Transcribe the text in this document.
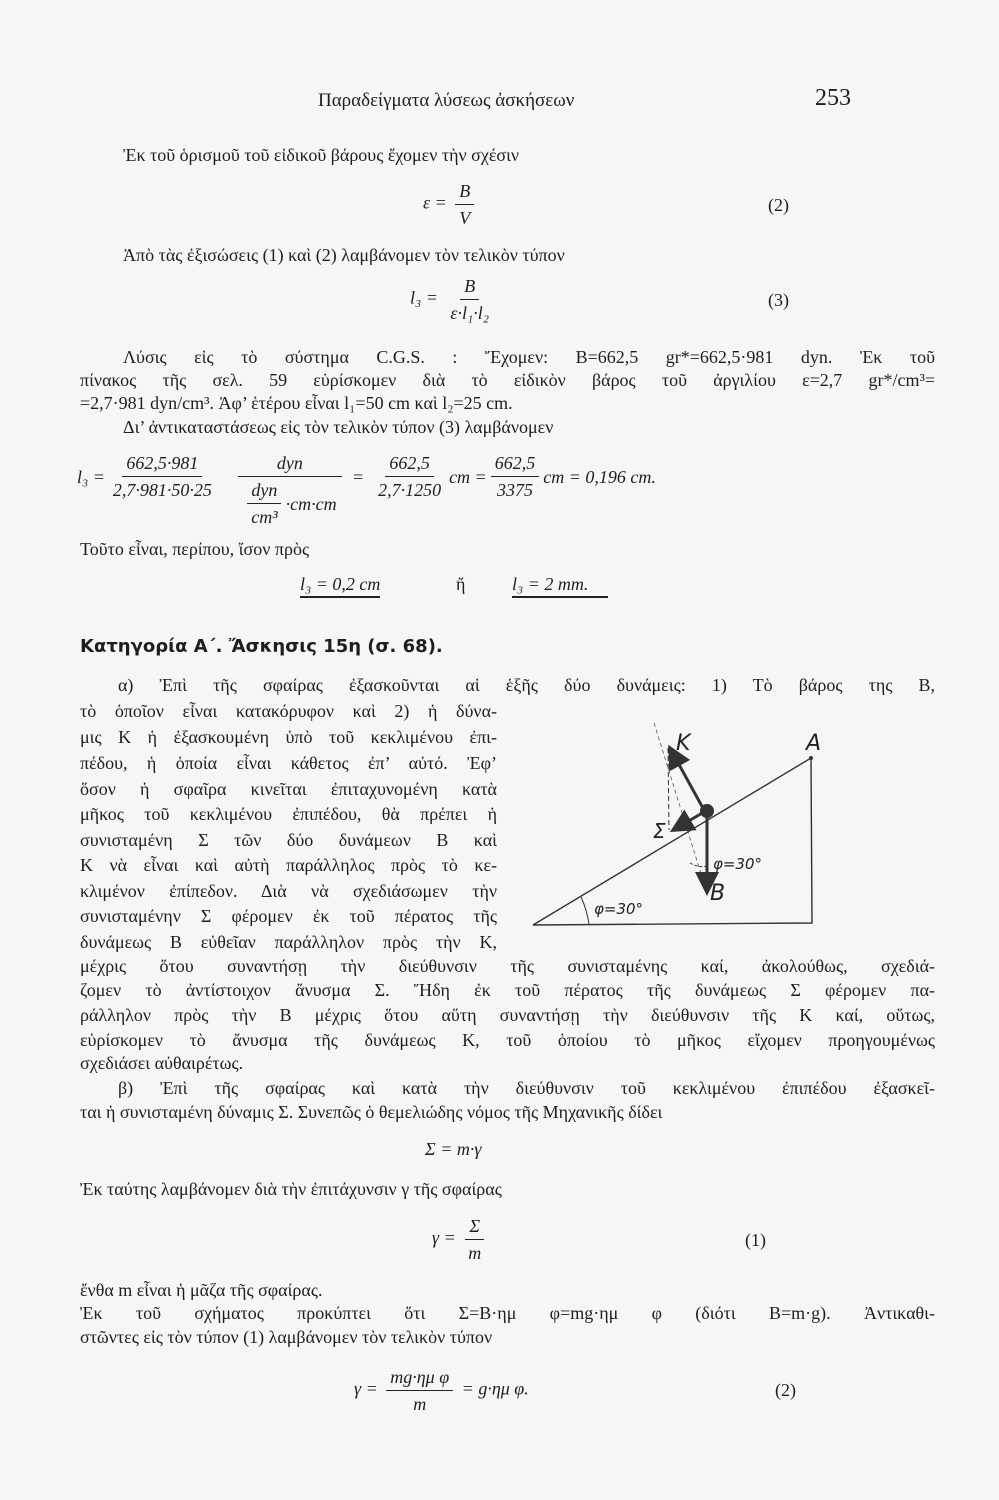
Παραδείγματα λύσεως ἀσκήσεων	253
Ἐκ τοῦ ὁρισμοῦ τοῦ εἰδικοῦ βάρους ἔχομεν τὴν σχέσιν
$\varepsilon = \frac{B}{V}$	(2)
Ἀπὸ τὰς ἐξισώσεις (1) καὶ (2) λαμβάνομεν τὸν τελικὸν τύπον
$l_3 = \frac{B}{\text{ε·l₁·l₂}}$	(3)
Λύσις εἰς τὸ σύστημα C.G.S. : Ἔχομεν: B=662,5 gr*=662,5·981 dyn. Ἐκ τοῦ
πίνακος τῆς σελ. 59 εὑρίσκομεν διὰ τὸ εἰδικὸν βάρος τοῦ ἀργιλίου ε=2,7 gr*/cm³=
=2,7·981 dyn/cm³. Ἀφ’ ἑτέρου εἶναι l₁=50 cm καὶ l₂=25 cm.
Δι’ ἀντικαταστάσεως εἰς τὸν τελικὸν τύπον (3) λαμβάνομεν
$l_3 = \frac{662,5\cdot 981}{2,7\cdot 981\cdot 50\cdot 25} \frac{\text{dyn}}{\frac{\text{dyn}}{\text{cm³}} \cdot cm\cdot cm} = \frac{662,5}{2,7\cdot 1250}$ cm = $\frac{662,5}{3375}$ cm = 0,196 cm.
Τοῦτο εἶναι, περίπου, ἴσον πρὸς
l₃ = 0,2 cm	ἤ	l₃ = 2 mm.
Κατηγορία Α΄. Ἄσκησις 15η (σ. 68).
α) Ἐπὶ τῆς σφαίρας ἐξασκοῦνται αἱ ἑξῆς δύο δυνάμεις: 1) Τὸ βάρος της B,
τὸ ὁποῖον εἶναι κατακόρυφον καὶ 2) ἡ δύνα-
μις K ἡ ἐξασκουμένη ὑπὸ τοῦ κεκλιμένου ἐπι-
πέδου, ἡ ὁποία εἶναι κάθετος ἐπ’ αὐτό. Ἐφ’
ὅσον ἡ σφαῖρα κινεῖται ἐπιταχυνομένη κατὰ
μῆκος τοῦ κεκλιμένου ἐπιπέδου, θὰ πρέπει ἡ
συνισταμένη Σ τῶν δύο δυνάμεων B καὶ
K νὰ εἶναι καὶ αὐτὴ παράλληλος πρὸς τὸ κε-
κλιμένον ἐπίπεδον. Διὰ νὰ σχεδιάσωμεν τὴν
συνισταμένην Σ φέρομεν ἐκ τοῦ πέρατος τῆς
δυνάμεως B εὐθεῖαν παράλληλον πρὸς τὴν K,
μέχρις ὅτου συναντήσῃ τὴν διεύθυνσιν τῆς συνισταμένης καί, ἀκολούθως, σχεδιά-
ζομεν τὸ ἀντίστοιχον ἄνυσμα Σ. Ἤδη ἐκ τοῦ πέρατος τῆς δυνάμεως Σ φέρομεν πα-
ράλληλον πρὸς τὴν B μέχρις ὅτου αὕτη συναντήσῃ τὴν διεύθυνσιν τῆς K καί, οὕτως,
εὑρίσκομεν τὸ ἄνυσμα τῆς δυνάμεως K, τοῦ ὁποίου τὸ μῆκος εἴχομεν προηγουμένως
σχεδιάσει αὐθαιρέτως.
β) Ἐπὶ τῆς σφαίρας καὶ κατὰ τὴν διεύθυνσιν τοῦ κεκλιμένου ἐπιπέδου ἐξασκεῖ-
ται ἡ συνισταμένη δύναμις Σ. Συνεπῶς ὁ θεμελιώδης νόμος τῆς Μηχανικῆς δίδει
Σ = m·γ
Ἐκ ταύτης λαμβάνομεν διὰ τὴν ἐπιτάχυνσιν γ τῆς σφαίρας
$\gamma = \frac{\Sigma}{m}$	(1)
ἔνθα m εἶναι ἡ μᾶζα τῆς σφαίρας.
Ἐκ τοῦ σχήματος προκύπτει ὅτι Σ=B·ημ φ=mg·ημ φ (διότι B=m·g). Ἀντικαθι-
στῶντες εἰς τὸν τύπον (1) λαμβάνομεν τὸν τελικὸν τύπον
$\gamma = \frac{\text{mg·ημ φ}}{m} = g\cdot\eta\mu$ φ.	(2)
K	A
Σ
B
φ=30°
φ=30°
